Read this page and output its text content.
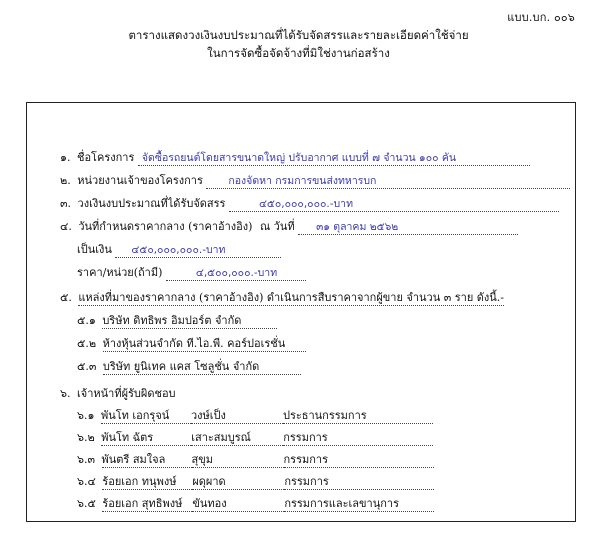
แบบ.บก. ๐๐๖
ตารางแสดงวงเงินงบประมาณที่ได้รับจัดสรรและรายละเอียดค่าใช้จ่าย
ในการจัดซื้อจัดจ้างที่มิใช่งานก่อสร้าง
๑. ชื่อโครงการ จัดซื้อรถยนต์โดยสารขนาดใหญ่ ปรับอากาศ แบบที่ ๗ จำนวน ๑๐๐ คัน
๒. หน่วยงานเจ้าของโครงการ กองจัดหา กรมการขนส่งทหารบก
๓. วงเงินงบประมาณที่ได้รับจัดสรร	๔๕๐,๐๐๐,๐๐๐.-บาท
๔. วันที่กำหนดราคากลาง (ราคาอ้างอิง) ณ วันที่ ๓๑ ตุลาคม ๒๕๖๒
เป็นเงิน ๔๕๐,๐๐๐,๐๐๐.-บาท
ราคา/หน่วย(ถ้ามี)	๔,๕๐๐,๐๐๐.-บาท
๕. แหล่งที่มาของราคากลาง (ราคาอ้างอิง) ดำเนินการสืบราคาจากผู้ขาย จำนวน ๓ ราย ดังนี้.-
๕.๑ บริษัท ดิทธิพร อิมปอร์ต จำกัด
๕.๒ ห้างหุ้นส่วนจำกัด ที.ไอ.พี. คอร์ปอเรชั่น
๕.๓ บริษัท ยูนิเทค แคส โซลูชั่น จำกัด
๖. เจ้าหน้าที่ผู้รับผิดชอบ
๖.๑ พันโท เอกรุจน์ วงษ์เป็ง	ประธานกรรมการ
๖.๒ พันโท ฉัตร	เสาะสมบูรณ์	กรรมการ
๖.๓ พันตรี สมใจล สุขุม	กรรมการ
๖.๔ ร้อยเอก ทนุพงษ์ ผดุผาด	กรรมการ
๖.๕ ร้อยเอก สุทธิพงษ์ ขันทอง	กรรมการและเลขานุการ
